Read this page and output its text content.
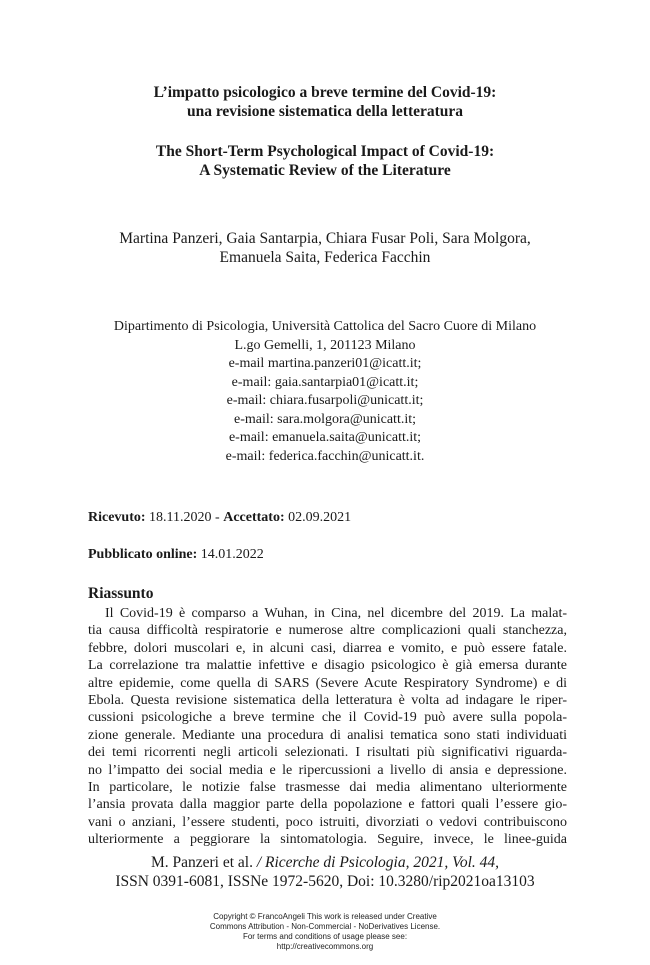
L’impatto psicologico a breve termine del Covid-19:
una revisione sistematica della letteratura
The Short-Term Psychological Impact of Covid-19:
A Systematic Review of the Literature
Martina Panzeri, Gaia Santarpia, Chiara Fusar Poli, Sara Molgora,
Emanuela Saita, Federica Facchin
Dipartimento di Psicologia, Università Cattolica del Sacro Cuore di Milano
L.go Gemelli, 1, 201123 Milano
e-mail martina.panzeri01@icatt.it;
e-mail: gaia.santarpia01@icatt.it;
e-mail: chiara.fusarpoli@unicatt.it;
e-mail: sara.molgora@unicatt.it;
e-mail: emanuela.saita@unicatt.it;
e-mail: federica.facchin@unicatt.it.
Ricevuto: 18.11.2020 - Accettato: 02.09.2021
Pubblicato online: 14.01.2022
Riassunto
Il Covid-19 è comparso a Wuhan, in Cina, nel dicembre del 2019. La malat-
tia causa difficoltà respiratorie e numerose altre complicazioni quali stanchezza,
febbre, dolori muscolari e, in alcuni casi, diarrea e vomito, e può essere fatale.
La correlazione tra malattie infettive e disagio psicologico è già emersa durante
altre epidemie, come quella di SARS (Severe Acute Respiratory Syndrome) e di
Ebola. Questa revisione sistematica della letteratura è volta ad indagare le riper-
cussioni psicologiche a breve termine che il Covid-19 può avere sulla popola-
zione generale. Mediante una procedura di analisi tematica sono stati individuati
dei temi ricorrenti negli articoli selezionati. I risultati più significativi riguarda-
no l’impatto dei social media e le ripercussioni a livello di ansia e depressione.
In particolare, le notizie false trasmesse dai media alimentano ulteriormente
l’ansia provata dalla maggior parte della popolazione e fattori quali l’essere gio-
vani o anziani, l’essere studenti, poco istruiti, divorziati o vedovi contribuiscono
ulteriormente a peggiorare la sintomatologia. Seguire, invece, le linee-guida
M. Panzeri et al. / Ricerche di Psicologia, 2021, Vol. 44,
ISSN 0391-6081, ISSNe 1972-5620, Doi: 10.3280/rip2021oa13103
Copyright © FrancoAngeli This work is released under Creative
Commons Attribution - Non-Commercial - NoDerivatives License.
For terms and conditions of usage please see:
http://creativecommons.org
